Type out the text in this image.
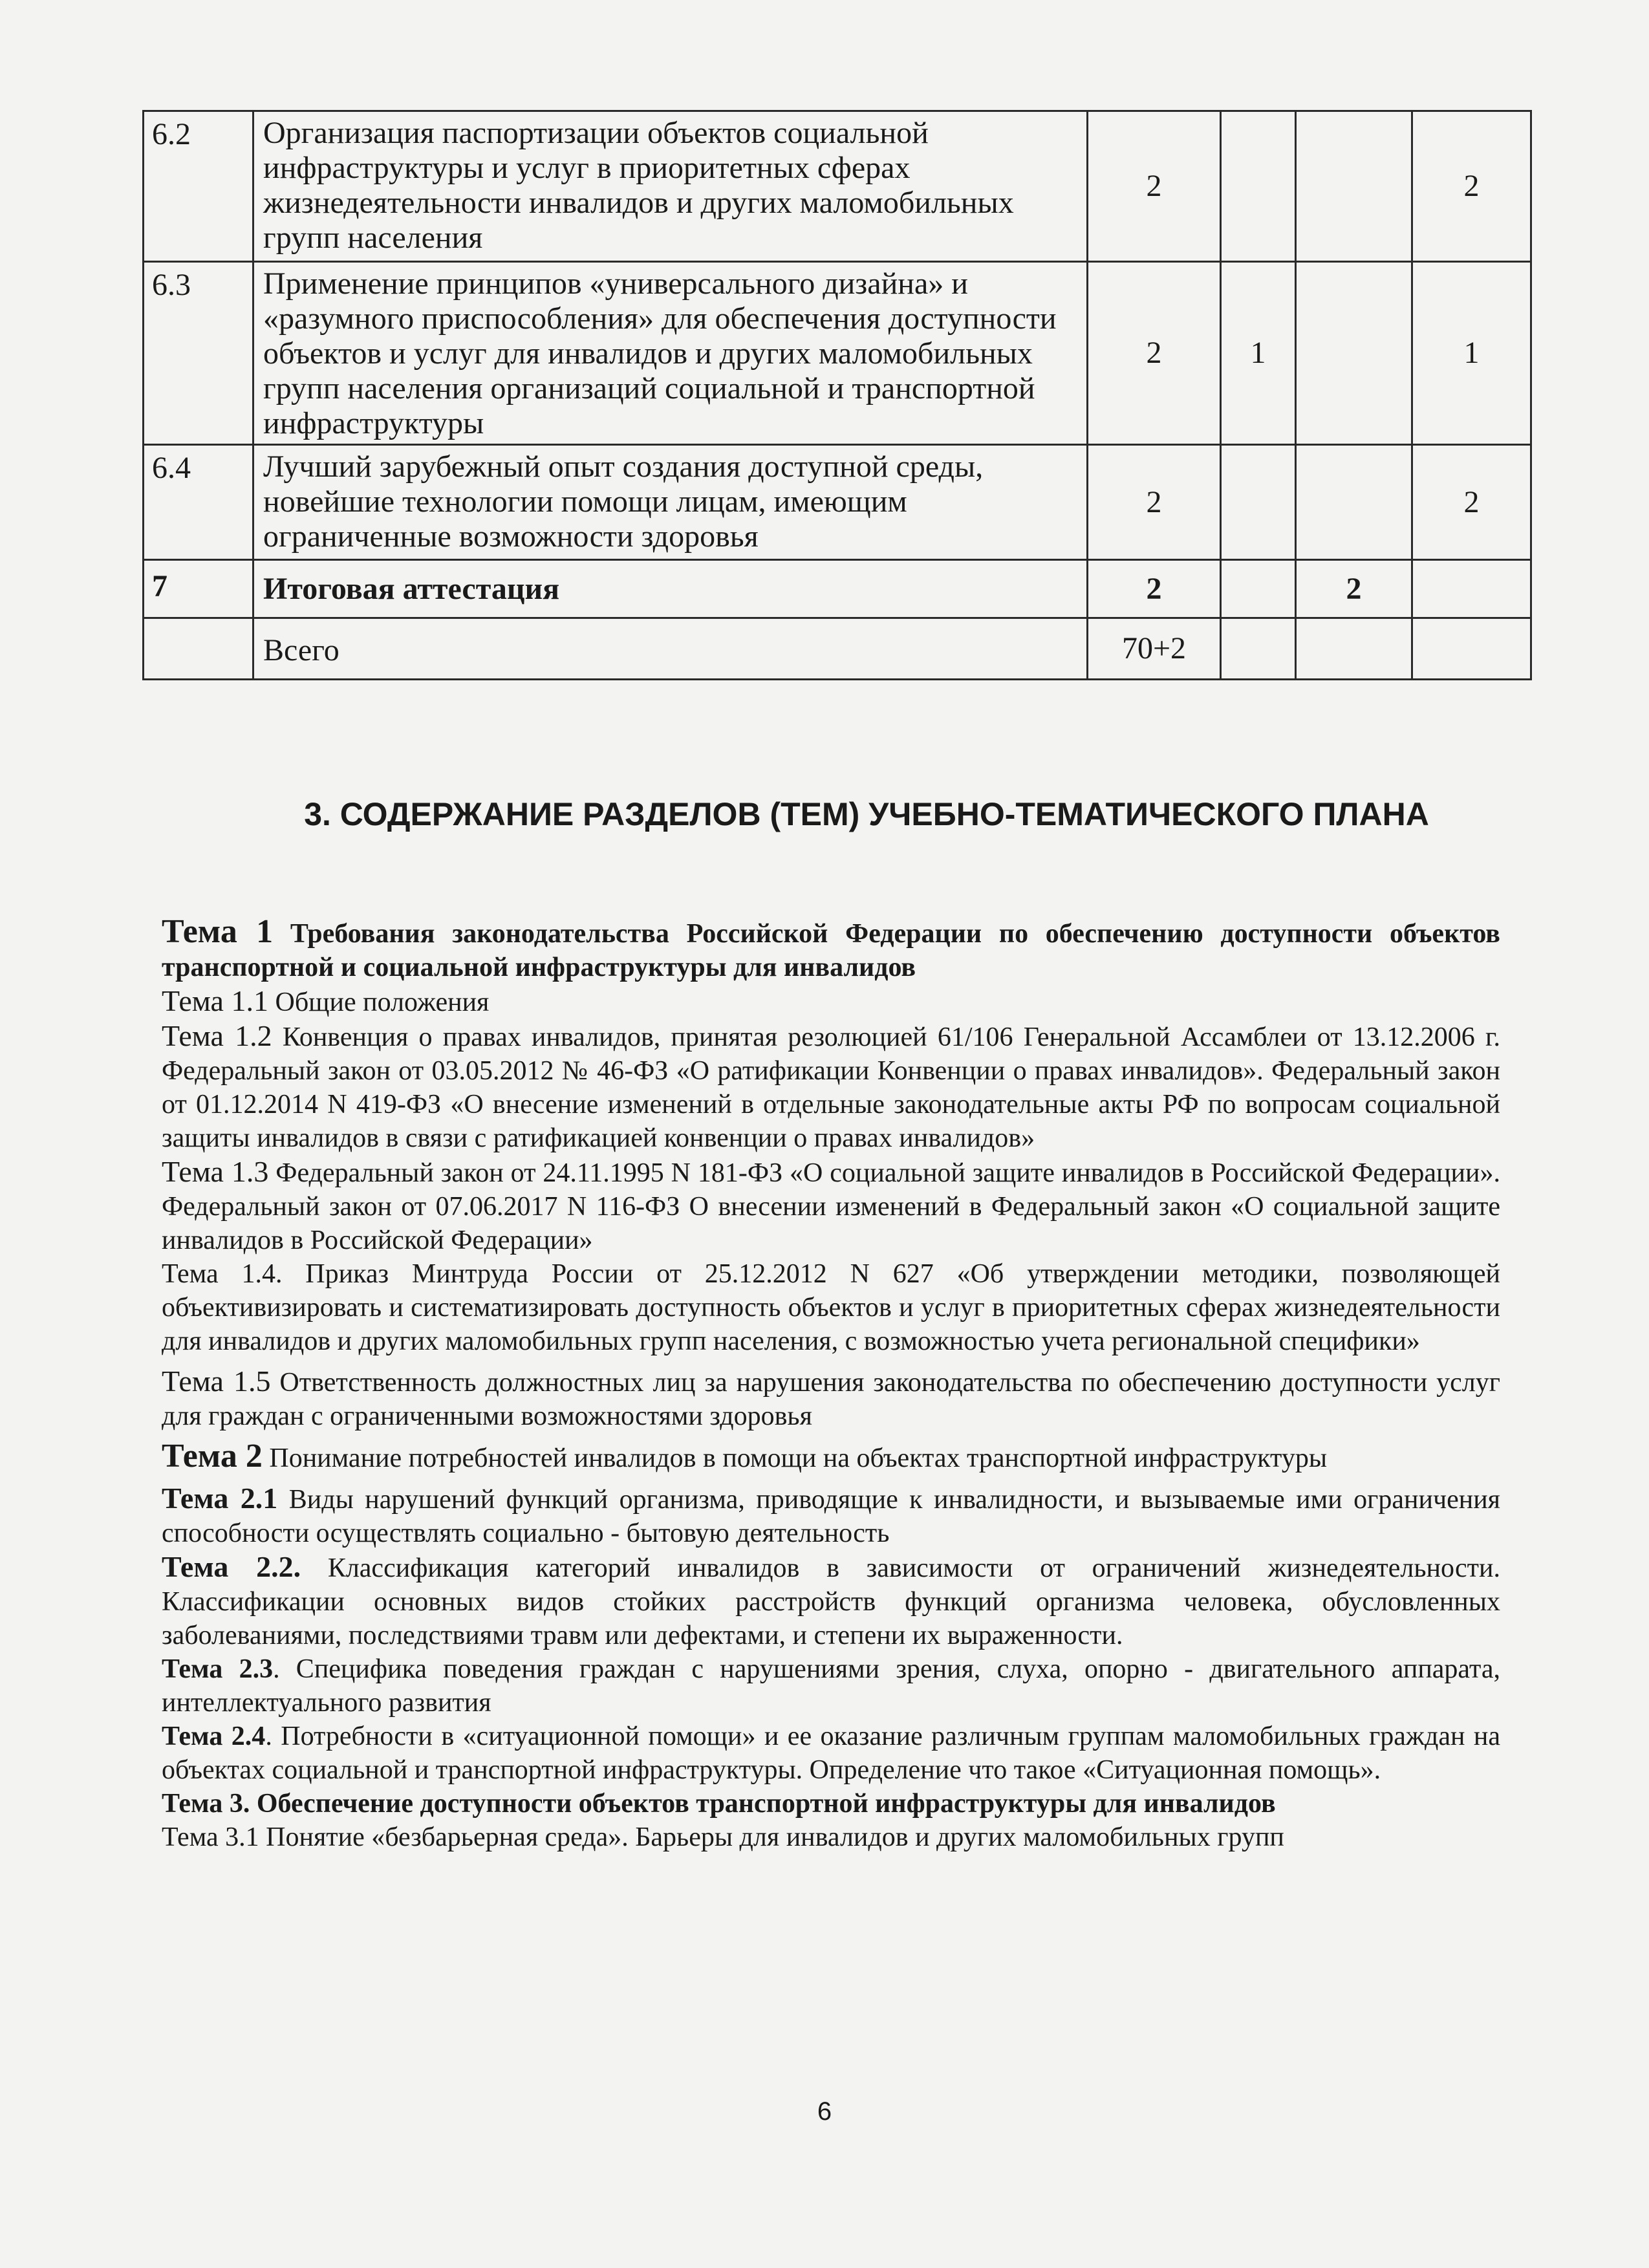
6.2	Организация паспортизации объектов социальной инфраструктуры и услуг в приоритетных сферах жизнедеятельности инвалидов и других маломобильных групп населения	2			2
6.3	Применение принципов «универсального дизайна» и «разумного приспособления» для обеспечения доступности объектов и услуг для инвалидов и других маломобильных групп населения организаций социальной и транспортной инфраструктуры	2	1		1
6.4	Лучший зарубежный опыт создания доступной среды, новейшие технологии помощи лицам, имеющим ограниченные возможности здоровья	2			2
7	Итоговая аттестация	2		2	
	Всего	70+2			
3. СОДЕРЖАНИЕ РАЗДЕЛОВ (ТЕМ) УЧЕБНО-ТЕМАТИЧЕСКОГО ПЛАНА

Тема 1 Требования законодательства Российской Федерации по обеспечению доступности объектов транспортной и социальной инфраструктуры для инвалидов

Тема 1.1 Общие положения

Тема 1.2 Конвенция о правах инвалидов, принятая резолюцией 61/106 Генеральной Ассамблеи от 13.12.2006 г. Федеральный закон от 03.05.2012 № 46-ФЗ «О ратификации Конвенции о правах инвалидов». Федеральный закон от 01.12.2014 N 419-ФЗ «О внесение изменений в отдельные законодательные акты РФ по вопросам социальной защиты инвалидов в связи с ратификацией конвенции о правах инвалидов»

Тема 1.3 Федеральный закон от 24.11.1995 N 181-ФЗ «О социальной защите инвалидов в Российской Федерации». Федеральный закон от 07.06.2017 N 116-ФЗ О внесении изменений в Федеральный закон «О социальной защите инвалидов в Российской Федерации»

Тема 1.4. Приказ Минтруда России от 25.12.2012 N 627 «Об утверждении методики, позволяющей объективизировать и систематизировать доступность объектов и услуг в приоритетных сферах жизнедеятельности для инвалидов и других маломобильных групп населения, с возможностью учета региональной специфики»

Тема 1.5 Ответственность должностных лиц за нарушения законодательства по обеспечению доступности услуг для граждан с ограниченными возможностями здоровья

Тема 2 Понимание потребностей инвалидов в помощи на объектах транспортной инфраструктуры

Тема 2.1 Виды нарушений функций организма, приводящие к инвалидности, и вызываемые ими ограничения способности осуществлять социально - бытовую деятельность

Тема 2.2. Классификация категорий инвалидов в зависимости от ограничений жизнедеятельности. Классификации основных видов стойких расстройств функций организма человека, обусловленных заболеваниями, последствиями травм или дефектами, и степени их выраженности.

Тема 2.3. Специфика поведения граждан с нарушениями зрения, слуха, опорно - двигательного аппарата, интеллектуального развития

Тема 2.4. Потребности в «ситуационной помощи» и ее оказание различным группам маломобильных граждан на объектах социальной и транспортной инфраструктуры. Определение что такое «Ситуационная помощь».

Тема 3. Обеспечение доступности объектов транспортной инфраструктуры для инвалидов

Тема 3.1 Понятие «безбарьерная среда». Барьеры для инвалидов и других маломобильных групп

6
